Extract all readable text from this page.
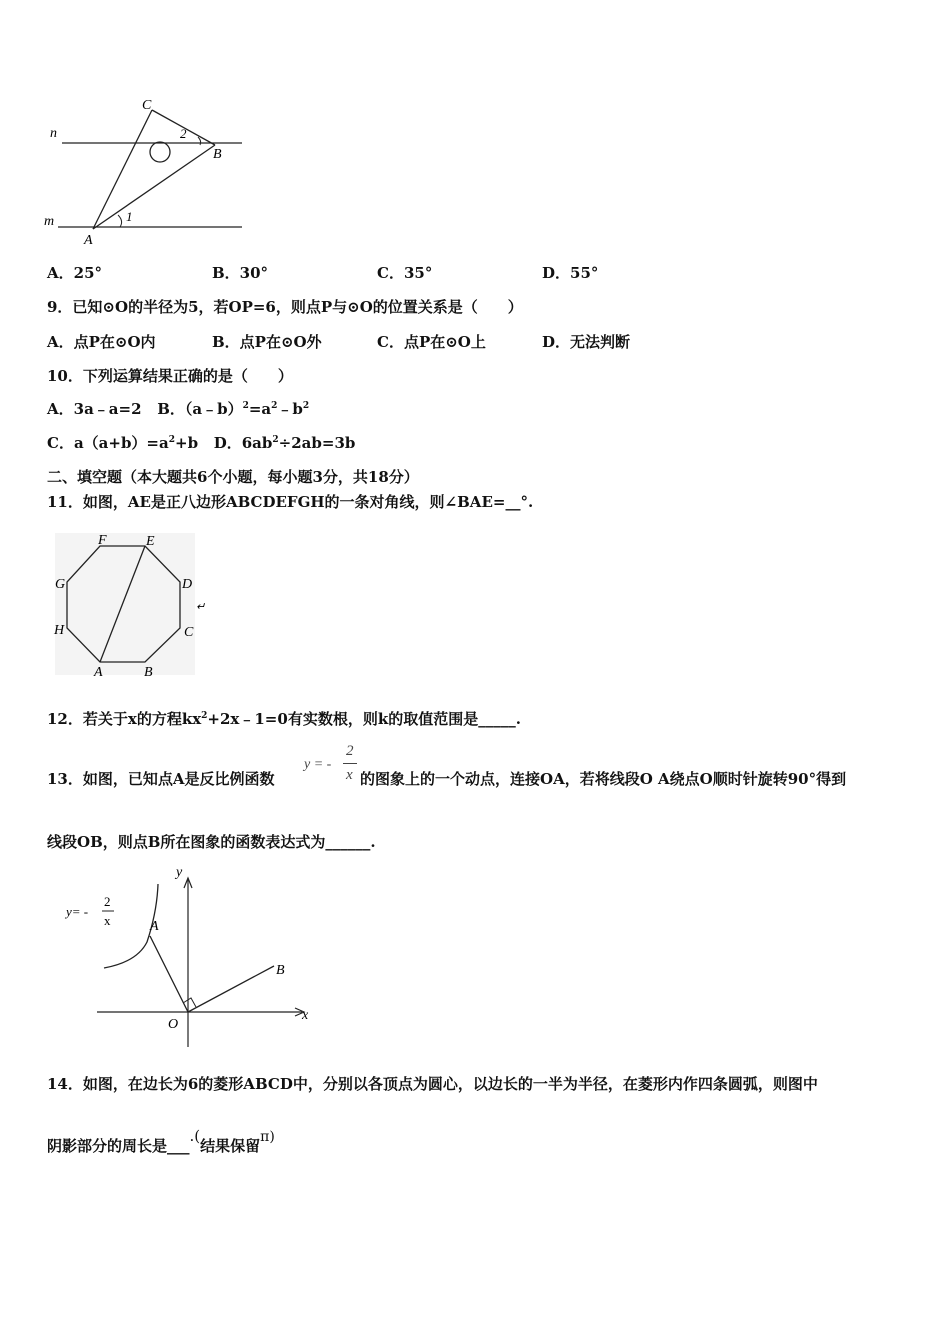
C
B
A
n
m
2
1
A．25°	B．30°	C．35°	D．55°
9．已知⊙O的半径为5，若OP=6，则点P与⊙O的位置关系是（　　）
A．点P在⊙O内	B．点P在⊙O外	C．点P在⊙O上	D．无法判断
10．下列运算结果正确的是（　　）
A．3a﹣a=2 B．$(a﹣b)^2=a^2﹣b^2$
C．$a(a+b)=a^2+b$ D．$6ab^2\div 2ab=3b$
二、填空题（本大题共6个小题，每小题3分，共18分）
11．如图，AE是正八边形ABCDEFGH的一条对角线，则∠BAE=__°.
F	E
G	D
H	C
A	B
↵
12．若关于x的方程$kx^2+2x﹣1=0$有实数根，则k的取值范围是_____.
13．如图，已知点A是反比例函数
y = -
2
x 的图象上的一个动点，连接OA，若将线段O A绕点O顺时针旋转90°得到
线段OB，则点B所在图象的函数表达式为______.
y= -
2
x	A
B
O
x
y
14．如图，在边长为6的菱形ABCD中，分别以各顶点为圆心，以边长的一半为半径，在菱形内作四条圆弧，则图中
阴影部分的周长是___.(结果保留π)
